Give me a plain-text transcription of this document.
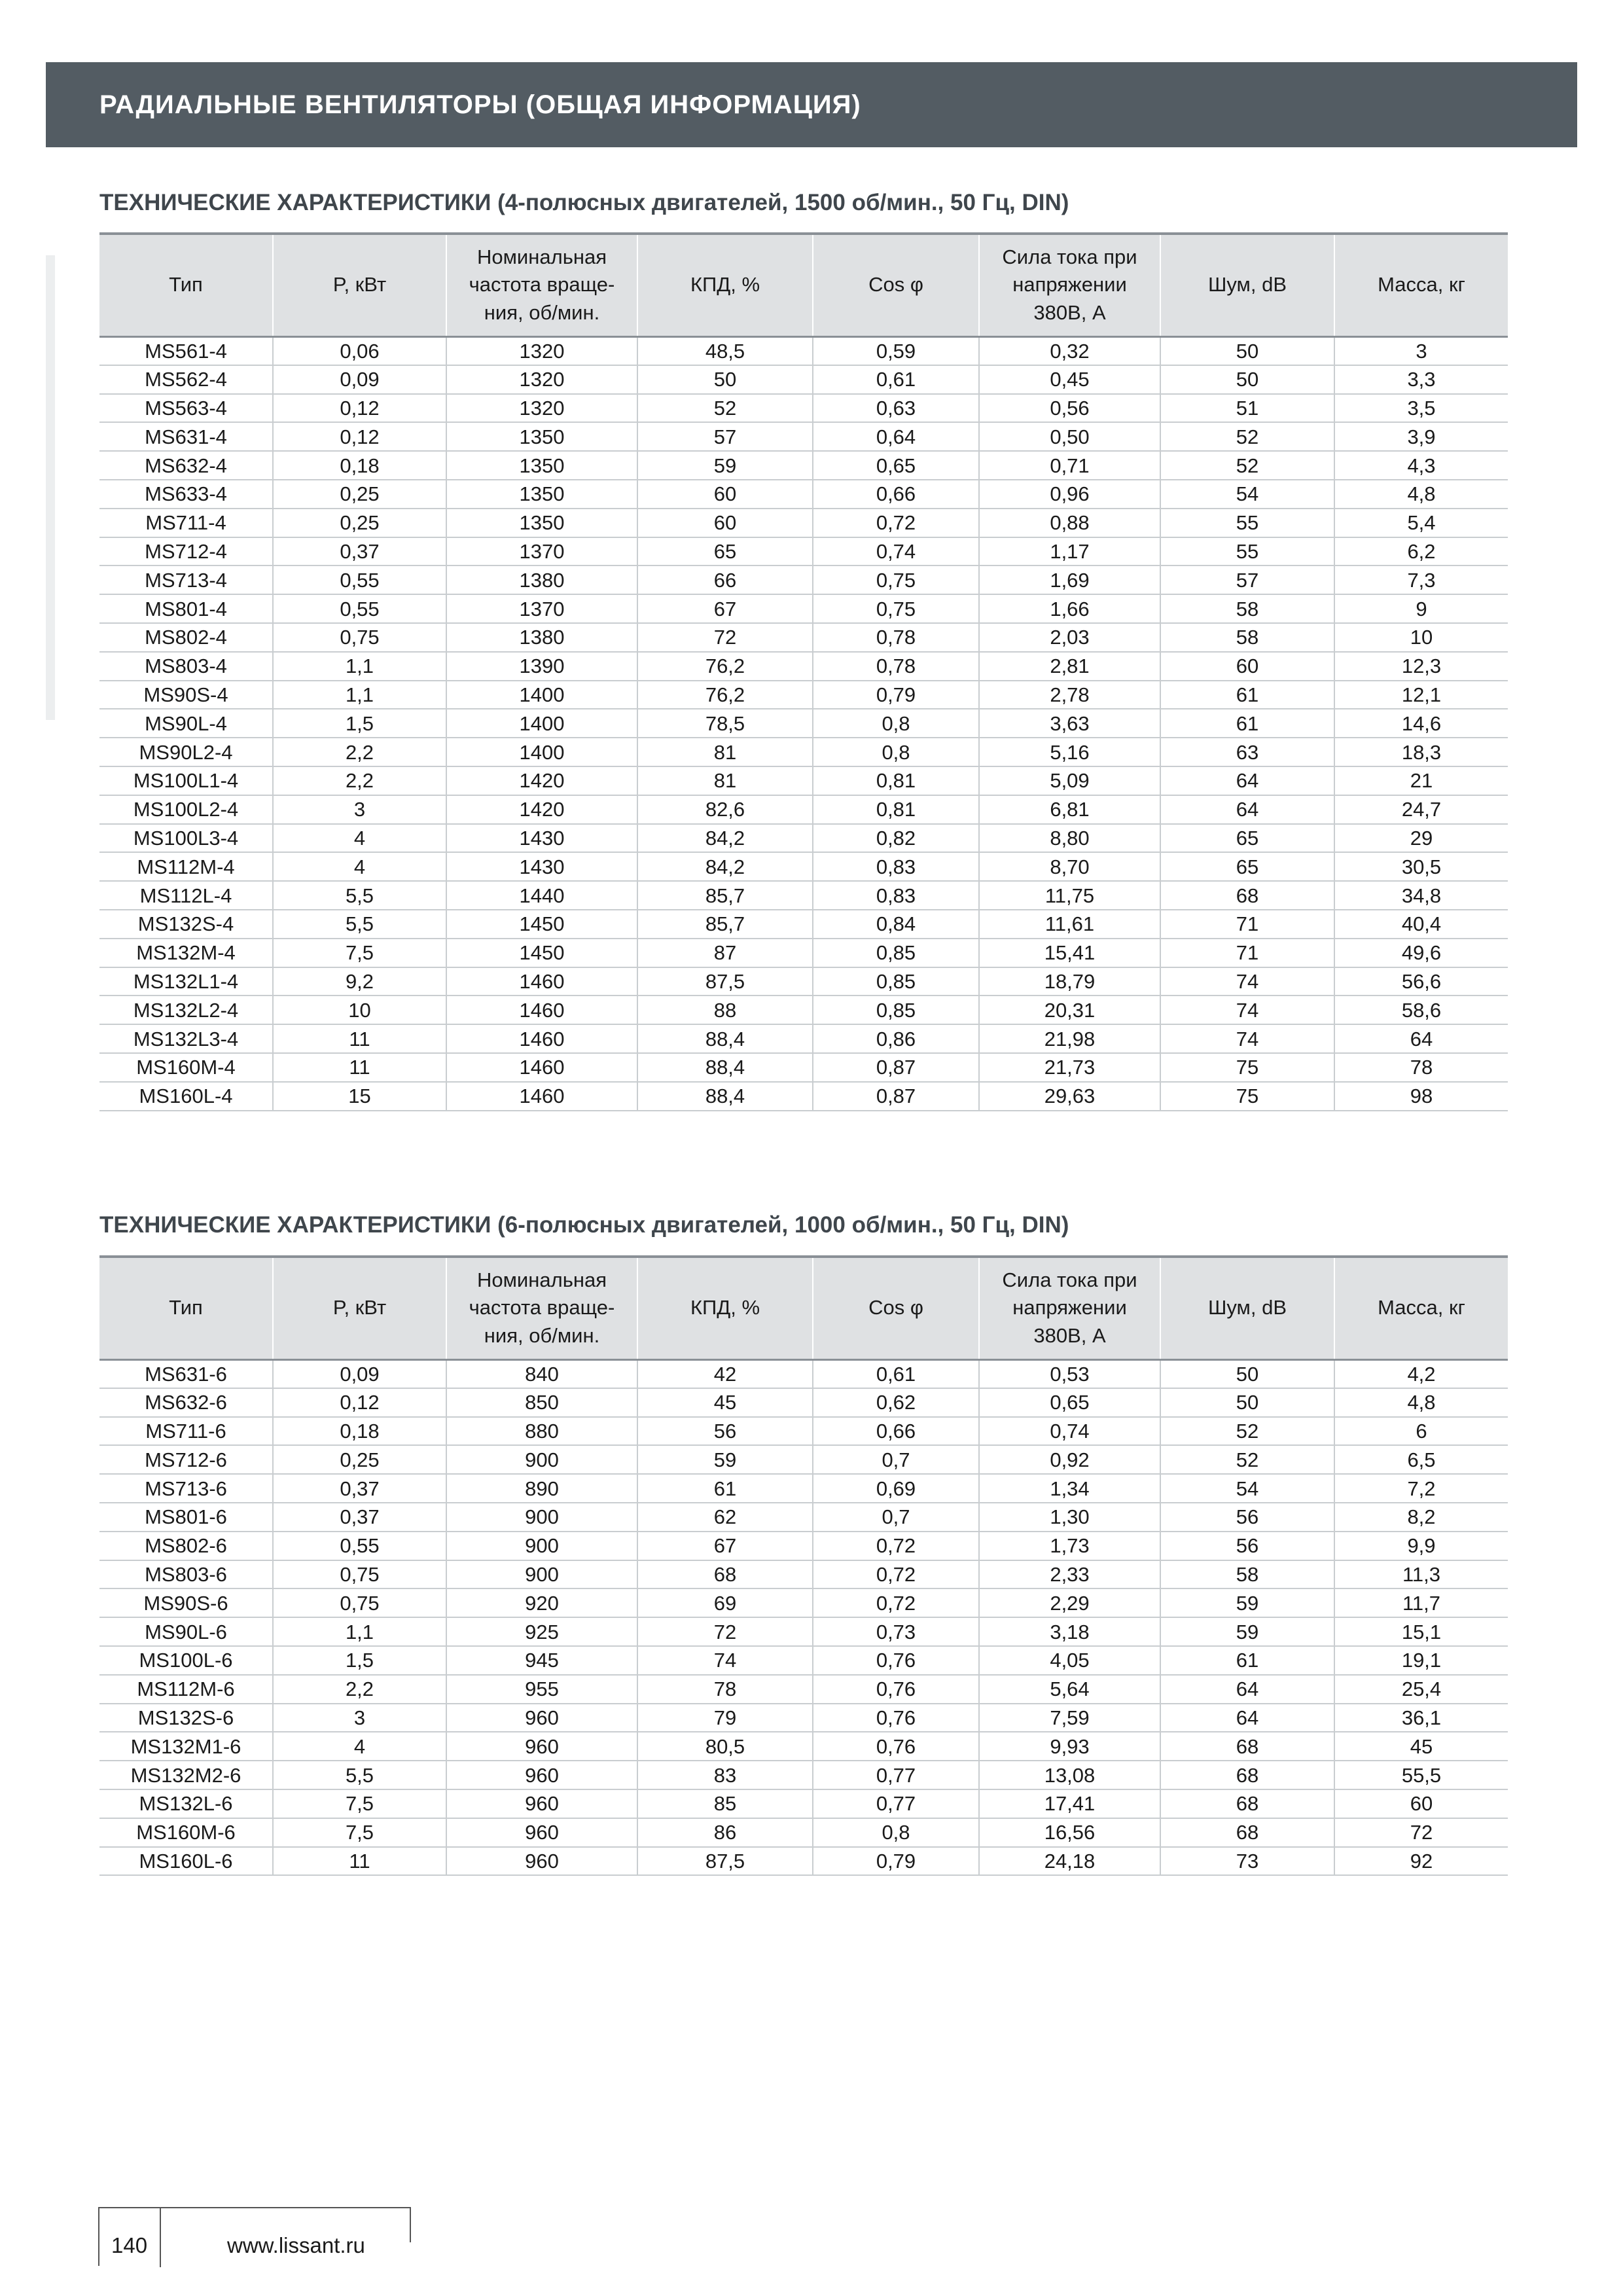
РАДИАЛЬНЫЕ ВЕНТИЛЯТОРЫ (ОБЩАЯ ИНФОРМАЦИЯ)
ТЕХНИЧЕСКИЕ ХАРАКТЕРИСТИКИ (4-полюсных двигателей, 1500 об/мин., 50 Гц, DIN)
Тип	P, кВт	Номинальная частота враще-ния, об/мин.	КПД, %	Cos φ	Сила тока при напряжении 380В, А	Шум, dB	Масса, кг
MS561-4	0,06	1320	48,5	0,59	0,32	50	3
MS562-4	0,09	1320	50	0,61	0,45	50	3,3
MS563-4	0,12	1320	52	0,63	0,56	51	3,5
MS631-4	0,12	1350	57	0,64	0,50	52	3,9
MS632-4	0,18	1350	59	0,65	0,71	52	4,3
MS633-4	0,25	1350	60	0,66	0,96	54	4,8
MS711-4	0,25	1350	60	0,72	0,88	55	5,4
MS712-4	0,37	1370	65	0,74	1,17	55	6,2
MS713-4	0,55	1380	66	0,75	1,69	57	7,3
MS801-4	0,55	1370	67	0,75	1,66	58	9
MS802-4	0,75	1380	72	0,78	2,03	58	10
MS803-4	1,1	1390	76,2	0,78	2,81	60	12,3
MS90S-4	1,1	1400	76,2	0,79	2,78	61	12,1
MS90L-4	1,5	1400	78,5	0,8	3,63	61	14,6
MS90L2-4	2,2	1400	81	0,8	5,16	63	18,3
MS100L1-4	2,2	1420	81	0,81	5,09	64	21
MS100L2-4	3	1420	82,6	0,81	6,81	64	24,7
MS100L3-4	4	1430	84,2	0,82	8,80	65	29
MS112M-4	4	1430	84,2	0,83	8,70	65	30,5
MS112L-4	5,5	1440	85,7	0,83	11,75	68	34,8
MS132S-4	5,5	1450	85,7	0,84	11,61	71	40,4
MS132M-4	7,5	1450	87	0,85	15,41	71	49,6
MS132L1-4	9,2	1460	87,5	0,85	18,79	74	56,6
MS132L2-4	10	1460	88	0,85	20,31	74	58,6
MS132L3-4	11	1460	88,4	0,86	21,98	74	64
MS160M-4	11	1460	88,4	0,87	21,73	75	78
MS160L-4	15	1460	88,4	0,87	29,63	75	98
ТЕХНИЧЕСКИЕ ХАРАКТЕРИСТИКИ (6-полюсных двигателей, 1000 об/мин., 50 Гц, DIN)
Тип	P, кВт	Номинальная частота враще-ния, об/мин.	КПД, %	Cos φ	Сила тока при напряжении 380В, А	Шум, dB	Масса, кг
MS631-6	0,09	840	42	0,61	0,53	50	4,2
MS632-6	0,12	850	45	0,62	0,65	50	4,8
MS711-6	0,18	880	56	0,66	0,74	52	6
MS712-6	0,25	900	59	0,7	0,92	52	6,5
MS713-6	0,37	890	61	0,69	1,34	54	7,2
MS801-6	0,37	900	62	0,7	1,30	56	8,2
MS802-6	0,55	900	67	0,72	1,73	56	9,9
MS803-6	0,75	900	68	0,72	2,33	58	11,3
MS90S-6	0,75	920	69	0,72	2,29	59	11,7
MS90L-6	1,1	925	72	0,73	3,18	59	15,1
MS100L-6	1,5	945	74	0,76	4,05	61	19,1
MS112M-6	2,2	955	78	0,76	5,64	64	25,4
MS132S-6	3	960	79	0,76	7,59	64	36,1
MS132M1-6	4	960	80,5	0,76	9,93	68	45
MS132M2-6	5,5	960	83	0,77	13,08	68	55,5
MS132L-6	7,5	960	85	0,77	17,41	68	60
MS160M-6	7,5	960	86	0,8	16,56	68	72
MS160L-6	11	960	87,5	0,79	24,18	73	92
140	www.lissant.ru
